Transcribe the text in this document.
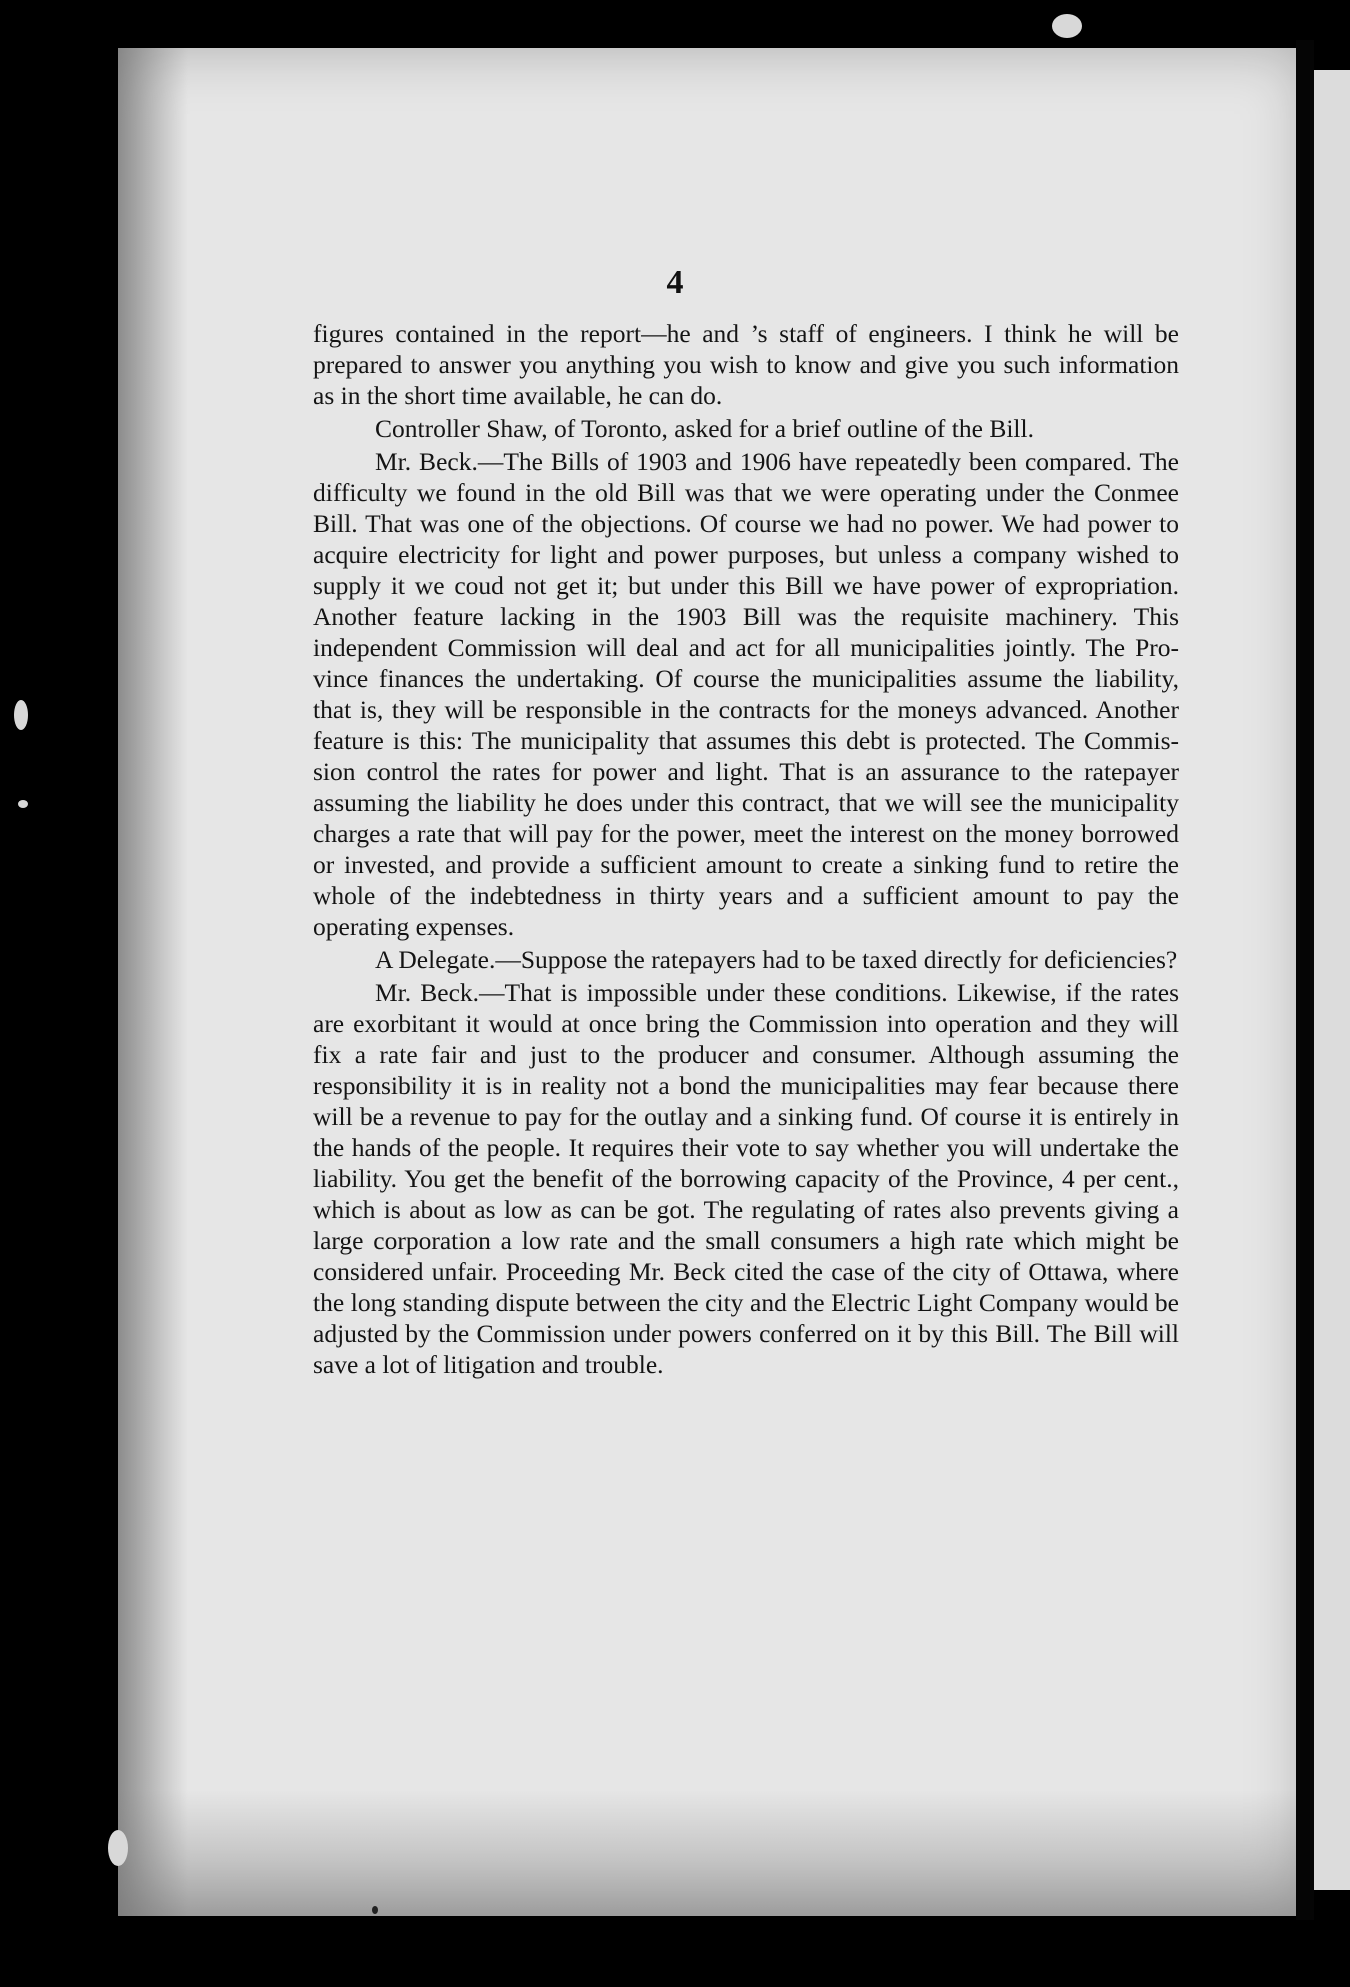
4

figures contained in the report—he and ’s staff of engineers. I think he will be prepared to answer you anything you wish to know and give you such information as in the short time available, he can do.

Controller Shaw, of Toronto, asked for a brief outline of the Bill.

Mr. Beck.—The Bills of 1903 and 1906 have repeatedly been compared. The difficulty we found in the old Bill was that we were operating under the Conmee Bill. That was one of the objections. Of course we had no power. We had power to acquire electricity for light and power purposes, but unless a company wished to supply it we coud not get it; but under this Bill we have power of expropriation. Another feature lacking in the 1903 Bill was the requisite machinery. This independent Commission will deal and act for all municipalities jointly. The Province finances the undertaking. Of course the municipalities assume the liability, that is, they will be responsible in the contracts for the moneys advanced. Another feature is this: The municipality that assumes this debt is protected. The Commission control the rates for power and light. That is an assurance to the ratepayer assuming the liability he does under this contract, that we will see the municipality charges a rate that will pay for the power, meet the interest on the money borrowed or invested, and provide a sufficient amount to create a sinking fund to retire the whole of the indebtedness in thirty years and a sufficient amount to pay the operating expenses.

A Delegate.—Suppose the ratepayers had to be taxed directly for deficiencies?

Mr. Beck.—That is impossible under these conditions. Likewise, if the rates are exorbitant it would at once bring the Commission into operation and they will fix a rate fair and just to the producer and consumer. Although assuming the responsibility it is in reality not a bond the municipalities may fear because there will be a revenue to pay for the outlay and a sinking fund. Of course it is entirely in the hands of the people. It requires their vote to say whether you will undertake the liability. You get the benefit of the borrowing capacity of the Province, 4 per cent., which is about as low as can be got. The regulating of rates also prevents giving a large corporation a low rate and the small consumers a high rate which might be considered unfair. Proceeding Mr. Beck cited the case of the city of Ottawa, where the long standing dispute between the city and the Electric Light Company would be adjusted by the Commission under powers conferred on it by this Bill. The Bill will save a lot of litigation and trouble.
